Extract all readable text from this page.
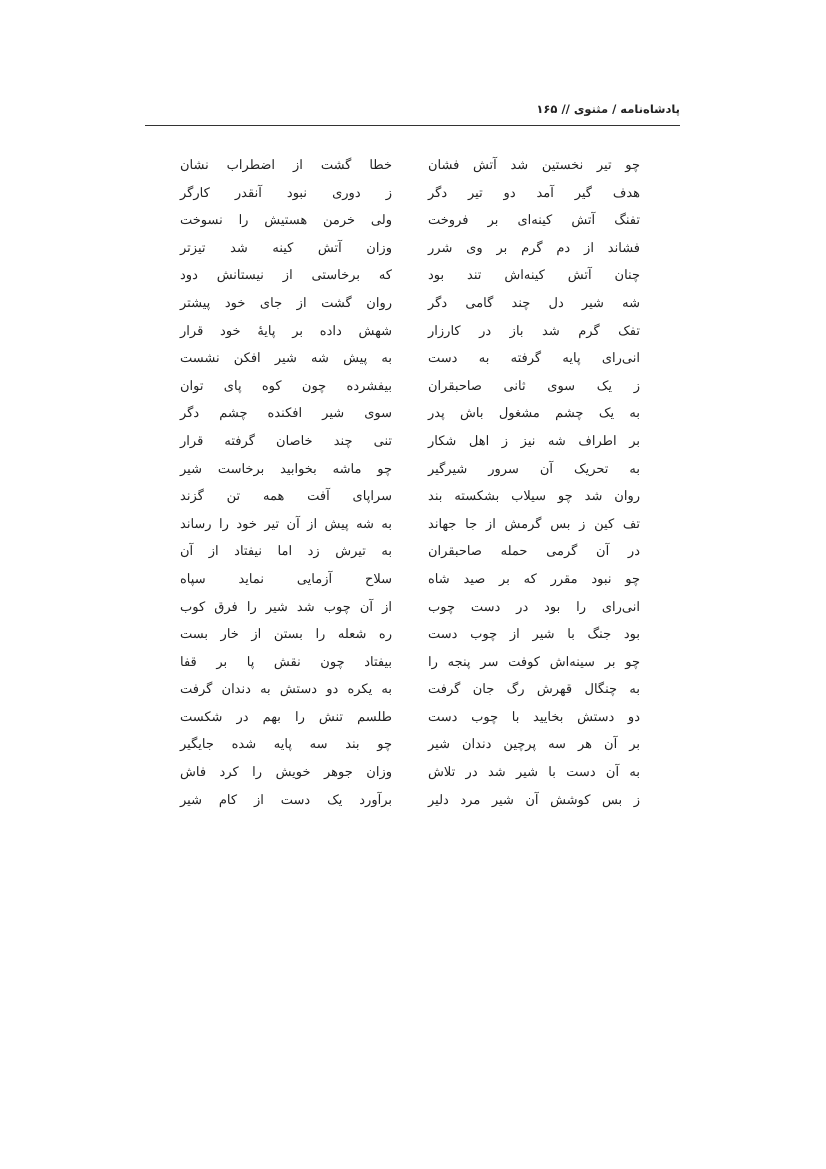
پادشاه‌نامه / مثنوی // ۱۶۵
چو تیر نخستین شد آتش فشان
هدف گیر آمد دو تیر دگر
تفنگ آتش کینه‌ای بر فروخت
فشاند از دم گرم بر وی شرر
چنان آتش کینه‌اش تند بود
شه شیر دل چند گامی دگر
تفک گرم شد باز در کارزار
انی‌رای پایه گرفته به دست
ز یک سوی ثانی صاحبقران
به یک چشم مشغول باش پدر
بر اطراف شه نیز ز اهل شکار
به تحریک آن سرور شیرگیر
روان شد چو سیلاب بشکسته بند
تف کین ز بس گرمش از جا جهاند
در آن گرمی حمله صاحبقران
چو نبود مقرر که بر صید شاه
انی‌رای را بود در دست چوب
بود جنگ با شیر از چوب دست
چو بر سینه‌اش کوفت سر پنجه را
به چنگال قهرش رگ جان گرفت
دو دستش بخایید با چوب دست
بر آن هر سه پرچین دندان شیر
به آن دست با شیر شد در تلاش
ز بس کوشش آن شیر مرد دلیر
خطا گشت از اضطراب نشان
ز دوری نبود آنقدر کارگر
ولی خرمن هستیش را نسوخت
وزان آتش کینه شد تیزتر
که برخاستی از نیستانش دود
روان گشت از جای خود پیشتر
شهش داده بر پایهٔ خود قرار
به پیش شه شیر افکن نشست
بیفشرده چون کوه پای توان
سوی شیر افکنده چشم دگر
تنی چند خاصان گرفته قرار
چو ماشه بخوابید برخاست شیر
سراپای آفت همه تن گزند
به شه پیش از آن تیر خود را رساند
به تیرش زد اما نیفتاد از آن
سلاح آزمایی نماید سپاه
از آن چوب شد شیر را فرق کوب
ره شعله را بستن از خار بست
بیفتاد چون نقش پا بر قفا
به یکره دو دستش به دندان گرفت
طلسم تنش را بهم در شکست
چو بند سه پایه شده جایگیر
وزان جوهر خویش را کرد فاش
برآورد یک دست از کام شیر
